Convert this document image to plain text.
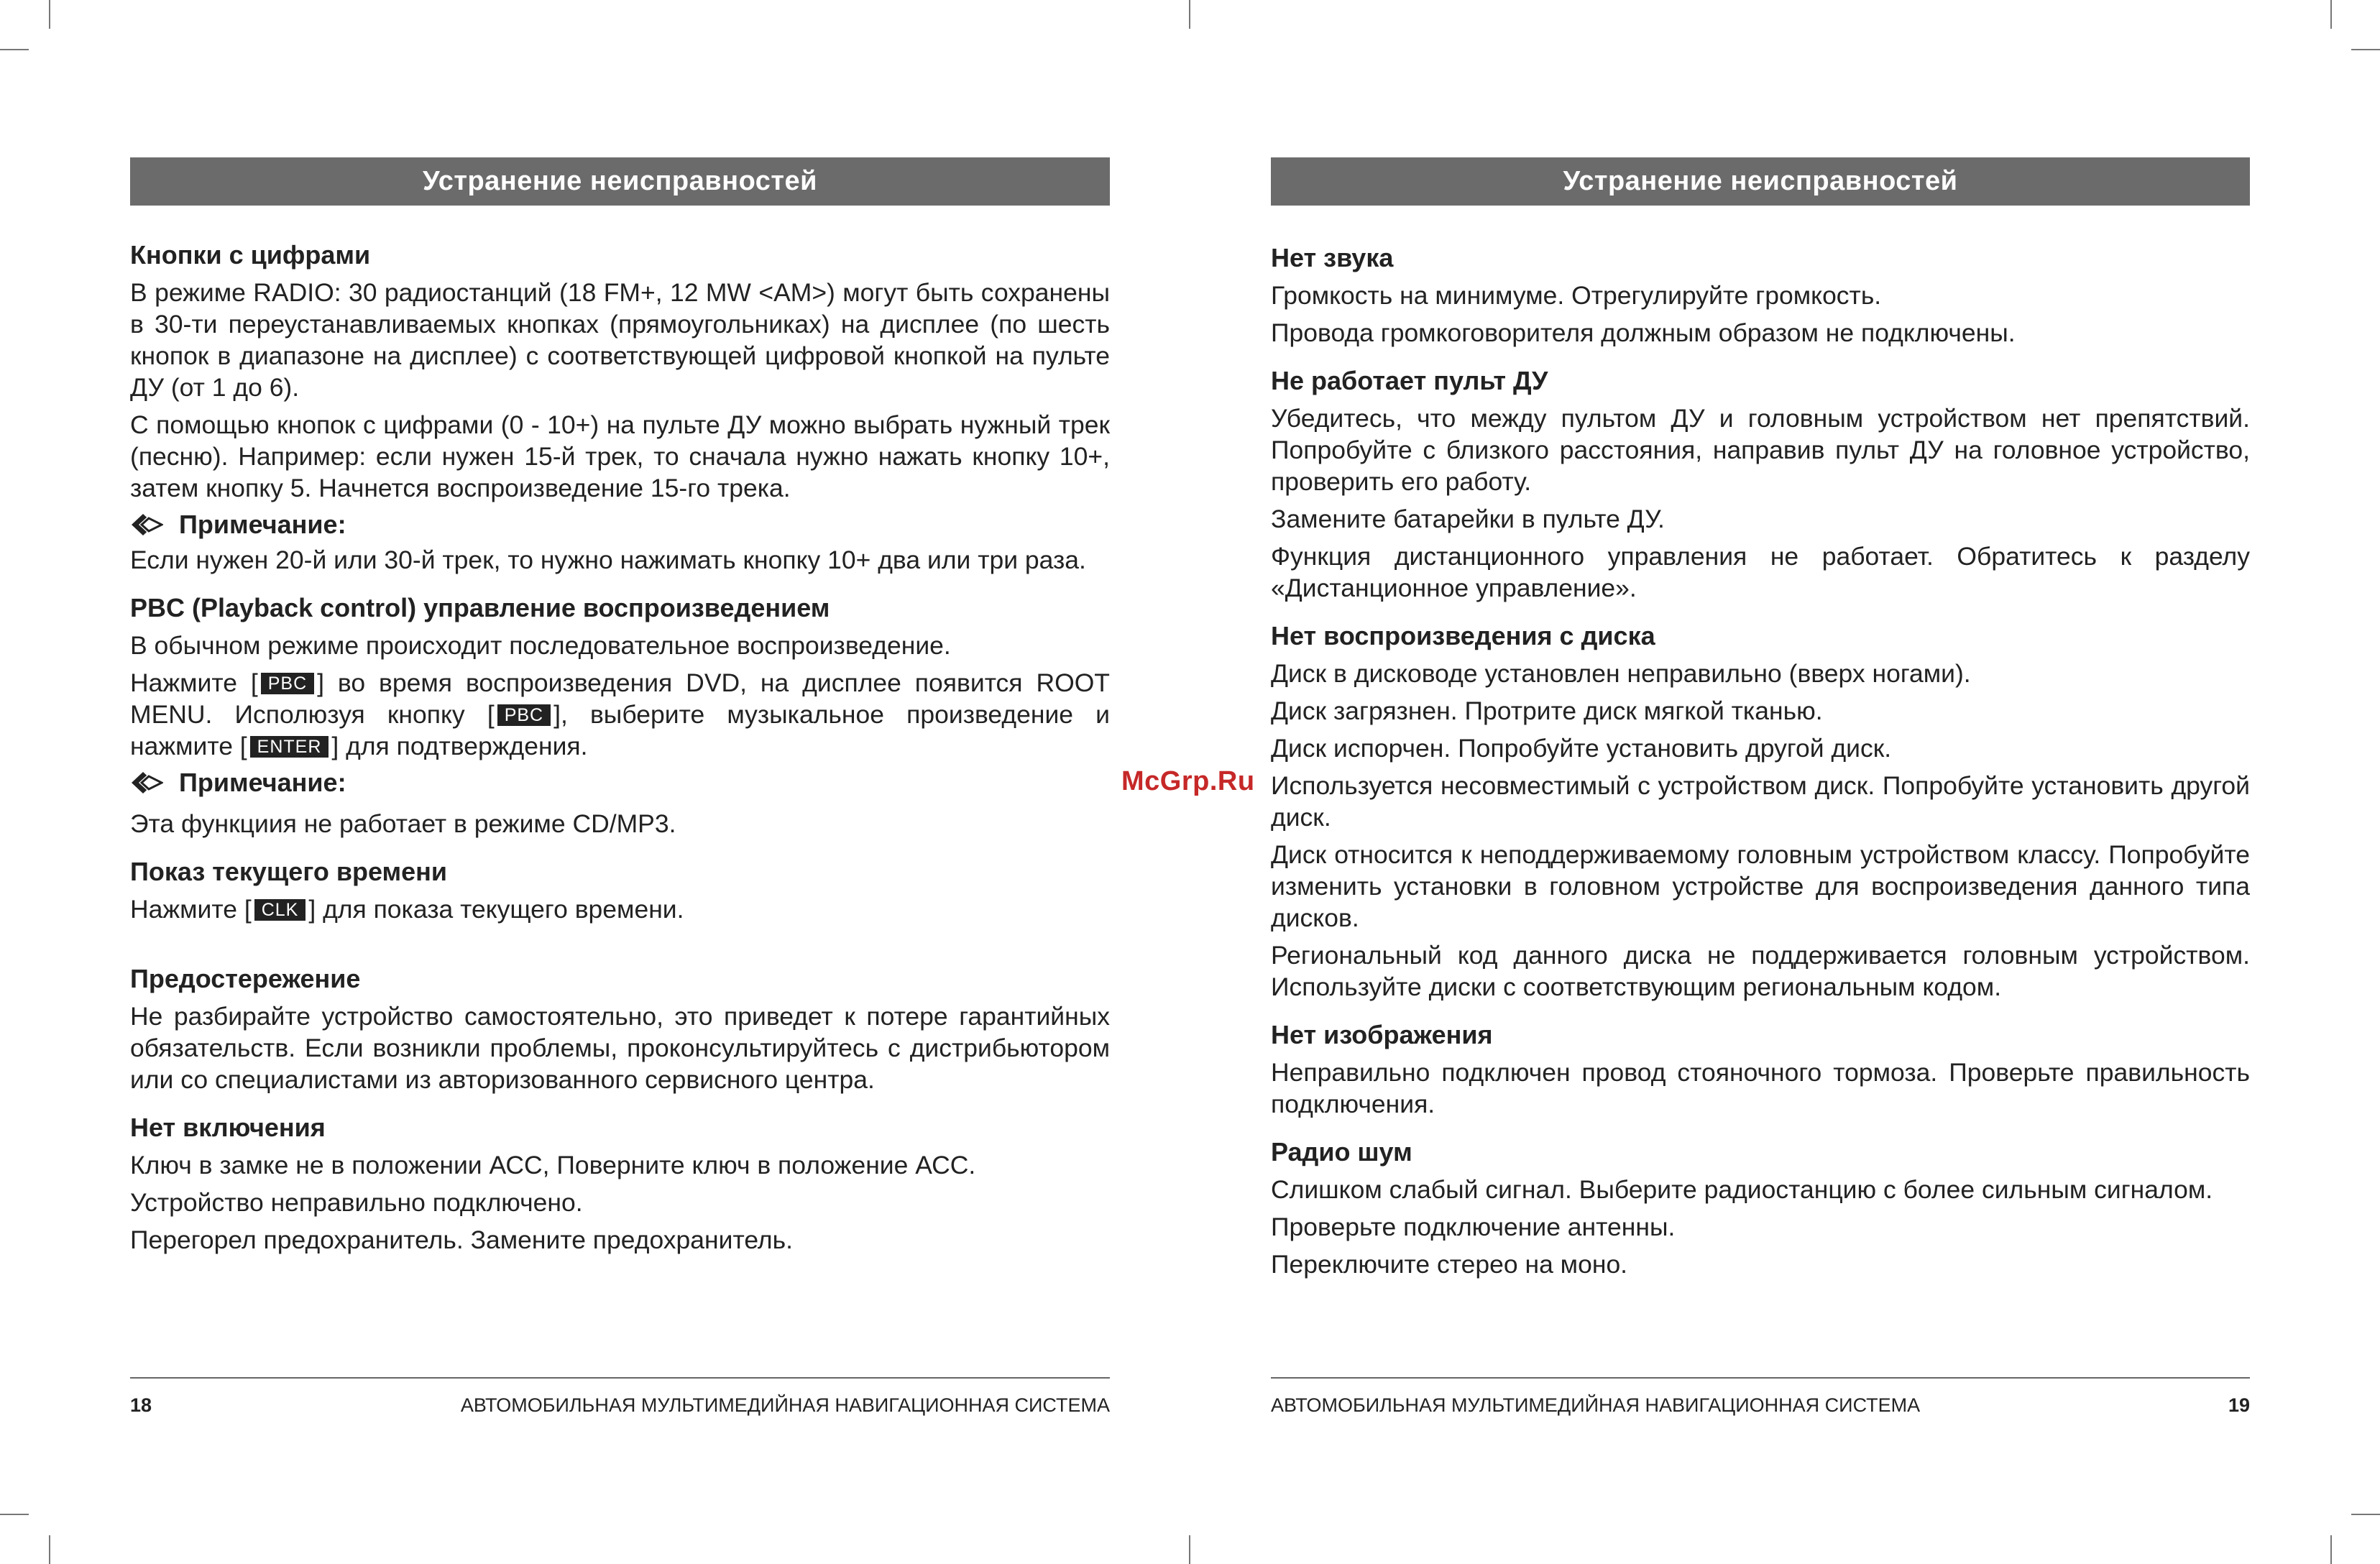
Устранение неисправностей
Кнопки с цифрами

В режиме RADIO: 30 радиостанций (18 FM+, 12 MW <AM>) могут быть сохранены в 30-ти переустанавливаемых кнопках (прямоугольниках) на дисплее (по шесть кнопок в диапазоне на дисплее) с соответствующей цифровой кнопкой на пульте ДУ (от 1 до 6).

С помощью кнопок с цифрами (0 - 10+) на пульте ДУ можно выбрать нужный трек (песню). Например: если нужен 15-й трек, то сначала нужно нажать кнопку 10+, затем кнопку 5. Начнется воспроизведение 15-го трека.

Примечание:

Если нужен 20-й или 30-й трек, то нужно нажимать кнопку 10+ два или три раза.

PBC (Playback control) управление воспроизведением

В обычном режиме происходит последовательное воспроизведение.

Нажмите [ PBC ] во время воспроизведения DVD, на дисплее появится ROOT MENU. Исполюзуя кнопку [ PBC ], выберите музыкальное произведение и нажмите [ ENTER ] для подтверждения.

Примечание:

Эта функциия не работает в режиме CD/MP3.

Показ текущего времени

Нажмите [ CLK ] для показа текущего времени.

Предостережение

Не разбирайте устройство самостоятельно, это приведет к потере гарантийных обязательств. Если возникли проблемы, проконсультируйтесь с дистрибьютором или со специалистами из авторизованного сервисного центра.

Нет включения

Ключ в замке не в положении АСС, Поверните ключ в положение АСС.

Устройство неправильно подключено.

Перегорел предохранитель. Замените предохранитель.

18	АВТОМОБИЛЬНАЯ МУЛЬТИМЕДИЙНАЯ НАВИГАЦИОННАЯ СИСТЕМА
Устранение неисправностей
Нет звука

Громкость на минимуме. Отрегулируйте громкость.

Провода громкоговорителя должным образом не подключены.

Не работает пульт ДУ

Убедитесь, что между пультом ДУ и головным устройством нет препятствий. Попробуйте с близкого расстояния, направив пульт ДУ на головное устройство, проверить его работу.

Замените батарейки в пульте ДУ.

Функция дистанционного управления не работает. Обратитесь к разделу «Дистанционное управление».

Нет воспроизведения с диска

Диск в дисководе установлен неправильно (вверх ногами).

Диск загрязнен. Протрите диск мягкой тканью.

Диск испорчен. Попробуйте установить другой диск.

Используется несовместимый с устройством диск. Попробуйте установить другой диск.

Диск относится к неподдерживаемому головным устройством классу. Попробуйте изменить установки в головном устройстве для воспроизведения данного типа дисков.

Региональный код данного диска не поддерживается головным устройством. Используйте диски с соответствующим региональным кодом.

Нет изображения

Неправильно подключен провод стояночного тормоза. Проверьте правильность подключения.

Радио шум

Слишком слабый сигнал. Выберите радиостанцию с более сильным сигналом.

Проверьте подключение антенны.

Переключите стерео на моно.

АВТОМОБИЛЬНАЯ МУЛЬТИМЕДИЙНАЯ НАВИГАЦИОННАЯ СИСТЕМА	19
McGrp.Ru
